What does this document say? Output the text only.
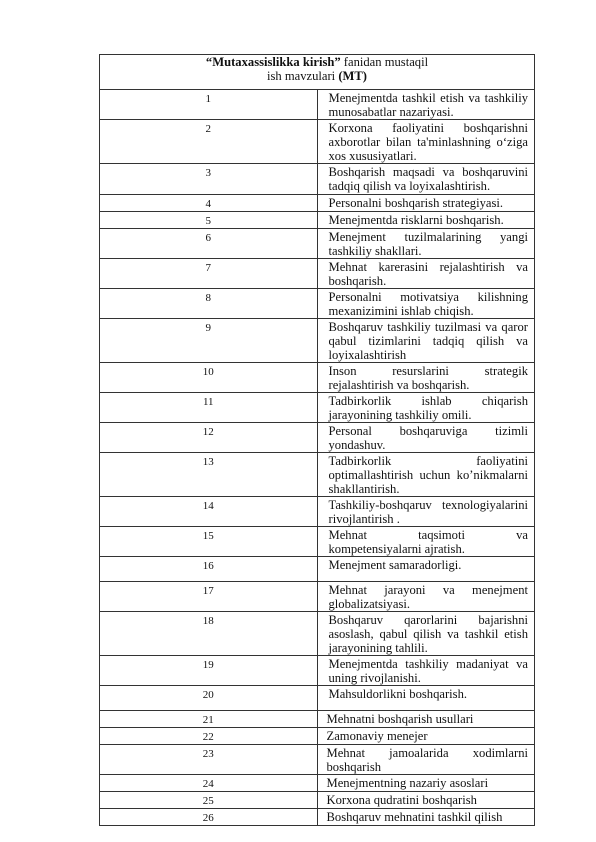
“Mutaxassislikka kirish” fanidan mustaqil
ish mavzulari (MT)	

1	Menejmentda tashkil etish va tashkiliy munosabatlar nazariyasi.
2	Korxona faoliyatini boshqarishni axborotlar bilan ta'minlashning o‘ziga xos xususiyatlari.
3	Boshqarish maqsadi va boshqaruvini tadqiq qilish va loyixalashtirish.
4	Personalni boshqarish strategiyasi.
5	Menejmentda risklarni boshqarish.
6	Menejment tuzilmalarining yangi tashkiliy shakllari.
7	Mehnat karerasini rejalashtirish va boshqarish.
8	Personalni motivatsiya kilishning mexanizimini ishlab chiqish.
9	Boshqaruv tashkiliy tuzilmasi va qaror qabul tizimlarini tadqiq qilish va loyixalashtirish
10	Inson resurslarini strategik rejalashtirish va boshqarish.
11	Tadbirkorlik ishlab chiqarish jarayonining tashkiliy omili.
12	Personal boshqaruviga tizimli yondashuv.
13	Tadbirkorlik faoliyatini optimallashtirish uchun ko’nikmalarni shakllantirish.
14	Tashkiliy-boshqaruv texnologiyalarini rivojlantirish .
15	Mehnat taqsimoti va kompetensiyalarni ajratish.
16	Menejment samaradorligi.
17	Mehnat jarayoni va menejment globalizatsiyasi.
18	Boshqaruv qarorlarini bajarishni asoslash, qabul qilish va tashkil etish jarayonining tahlili.
19	Menejmentda tashkiliy madaniyat va uning rivojlanishi.
20	Mahsuldorlikni boshqarish.
21	Mehnatni boshqarish usullari
22	Zamonaviy menejer
23	Mehnat jamoalarida xodimlarni boshqarish
24	Menejmentning nazariy asoslari
25	Korxona qudratini boshqarish
26	Boshqaruv mehnatini tashkil qilish
